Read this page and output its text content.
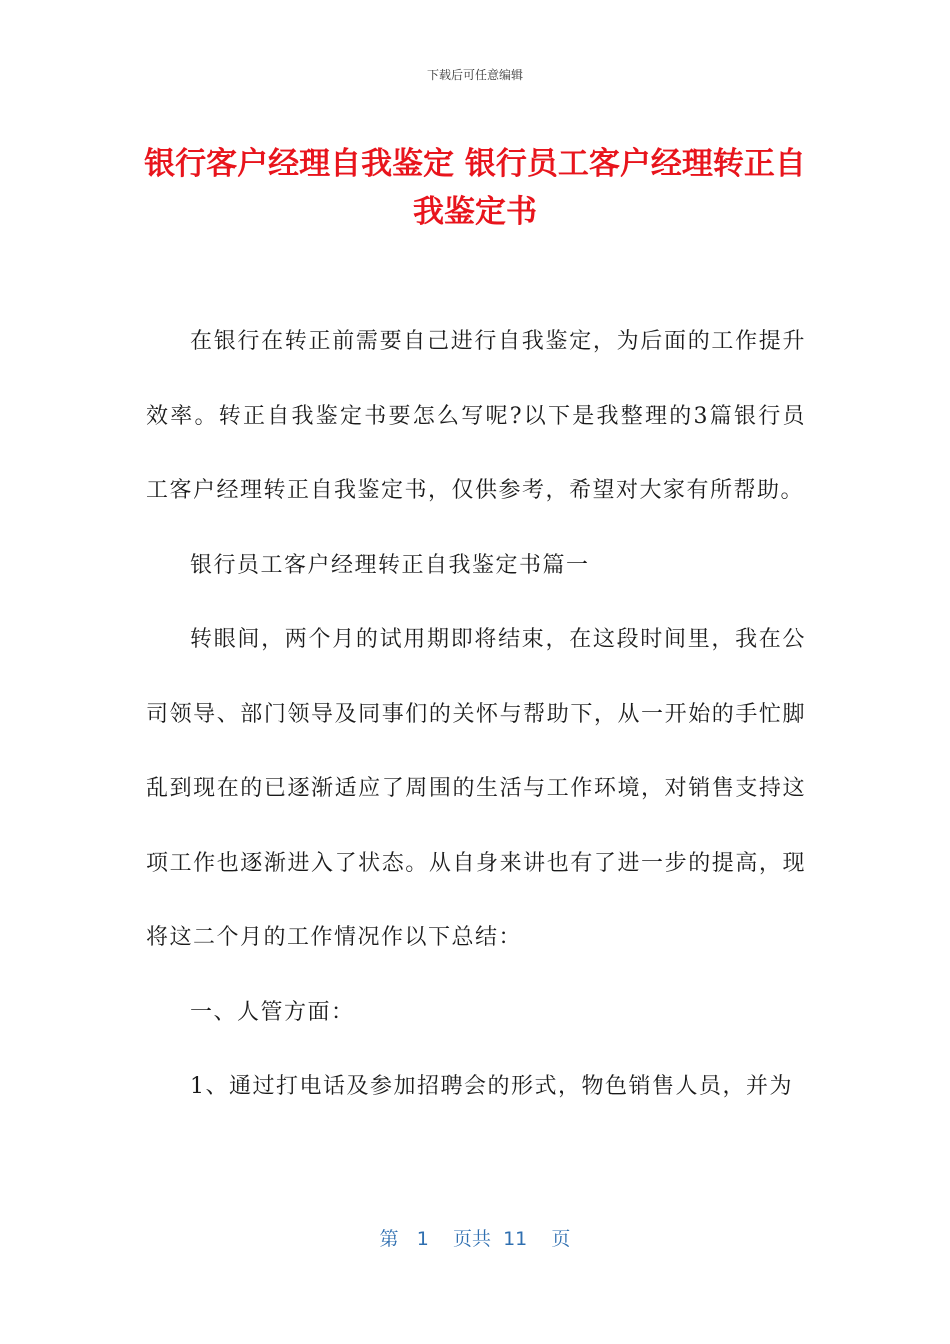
下载后可任意编辑
银行客户经理自我鉴定 银行员工客户经理转正自我鉴定书

在银行在转正前需要自己进行自我鉴定，为后面的工作提升效率。转正自我鉴定书要怎么写呢?以下是我整理的3篇银行员工客户经理转正自我鉴定书，仅供参考，希望对大家有所帮助。

银行员工客户经理转正自我鉴定书篇一

转眼间，两个月的试用期即将结束，在这段时间里，我在公司领导、部门领导及同事们的关怀与帮助下，从一开始的手忙脚乱到现在的已逐渐适应了周围的生活与工作环境，对销售支持这项工作也逐渐进入了状态。从自身来讲也有了进一步的提高，现将这二个月的工作情况作以下总结：

一、人管方面：

1、通过打电话及参加招聘会的形式，物色销售人员，并为

第 1 页共 11 页
